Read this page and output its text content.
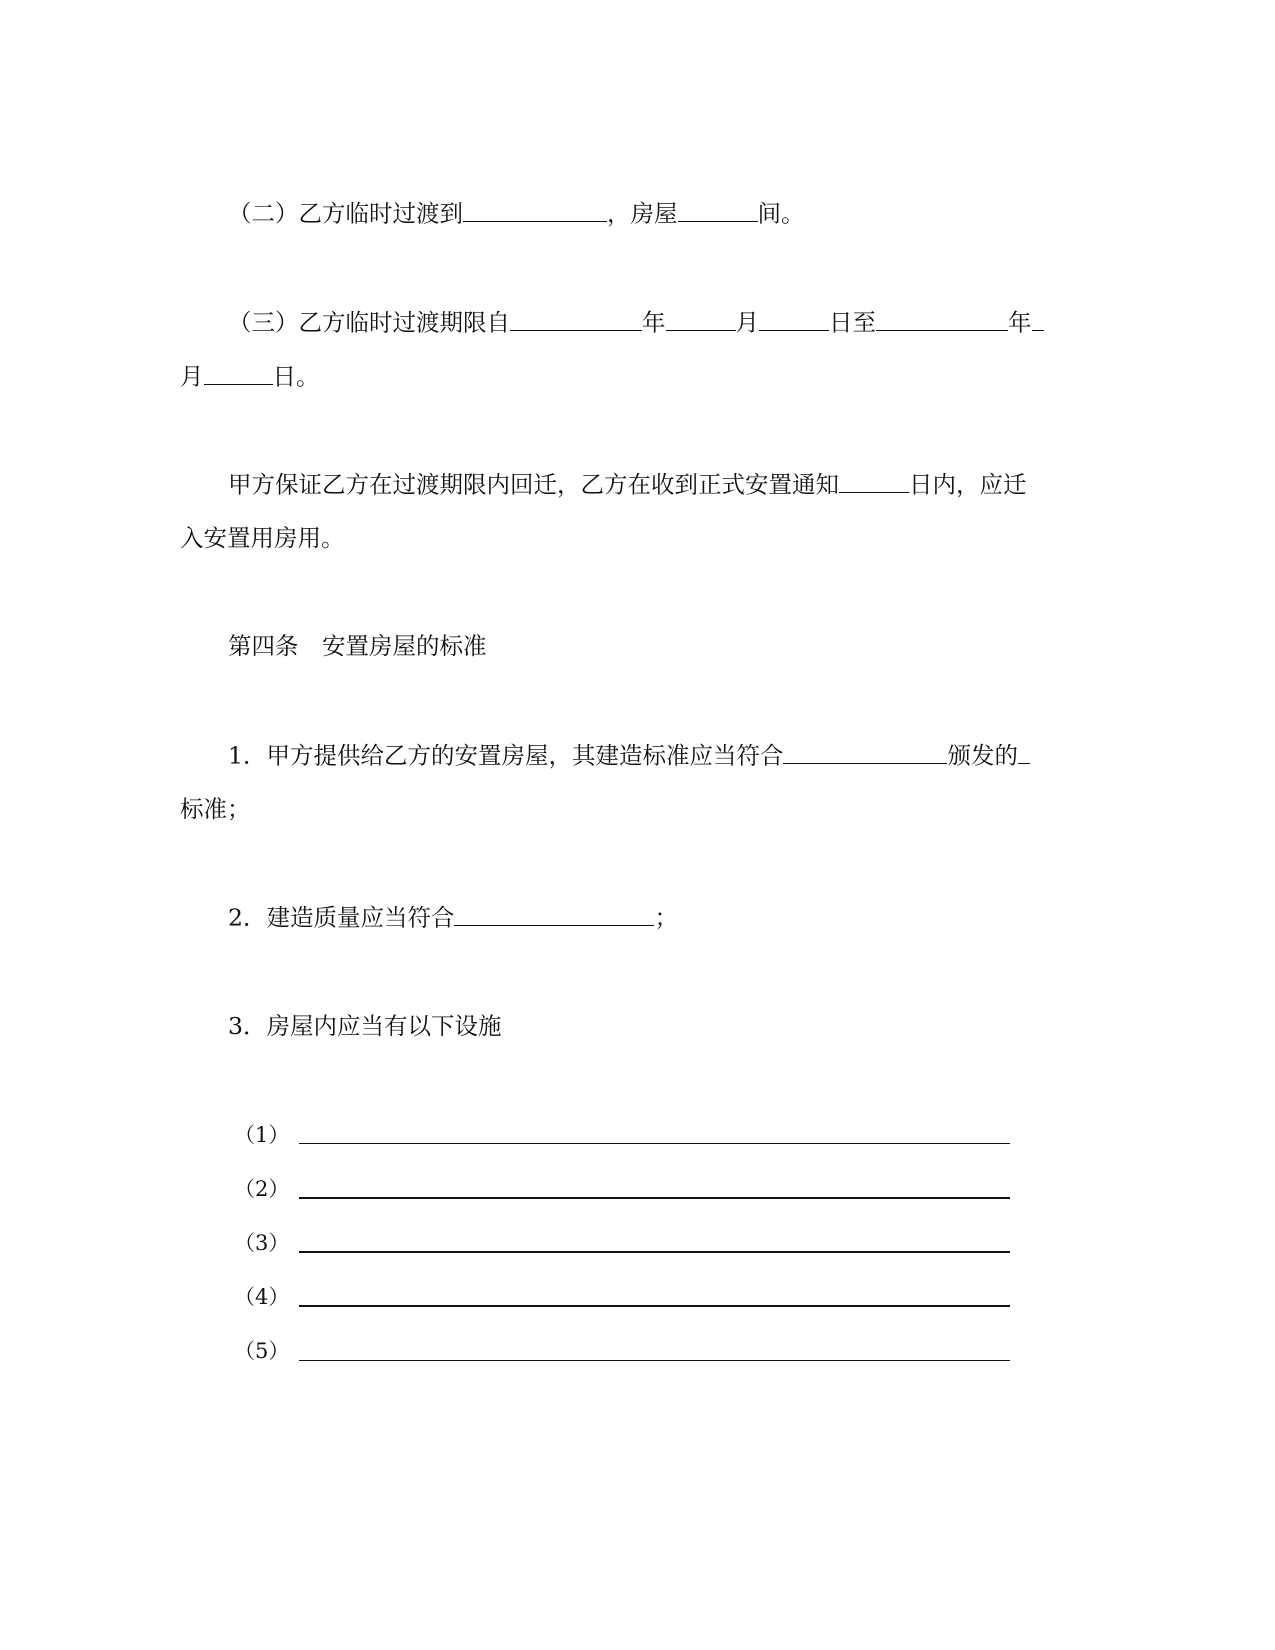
（二）乙方临时过渡到	，房屋	间。
（三）乙方临时过渡期限自	年	月	日至	年
月	日。
甲方保证乙方在过渡期限内回迁，乙方在收到正式安置通知	日内，应迁
入安置用房用。
第四条　安置房屋的标准
1．甲方提供给乙方的安置房屋，其建造标准应当符合	颁发的
标准；
2．建造质量应当符合	；
3．房屋内应当有以下设施
（1）
（2）
（3）
（4）
（5）
